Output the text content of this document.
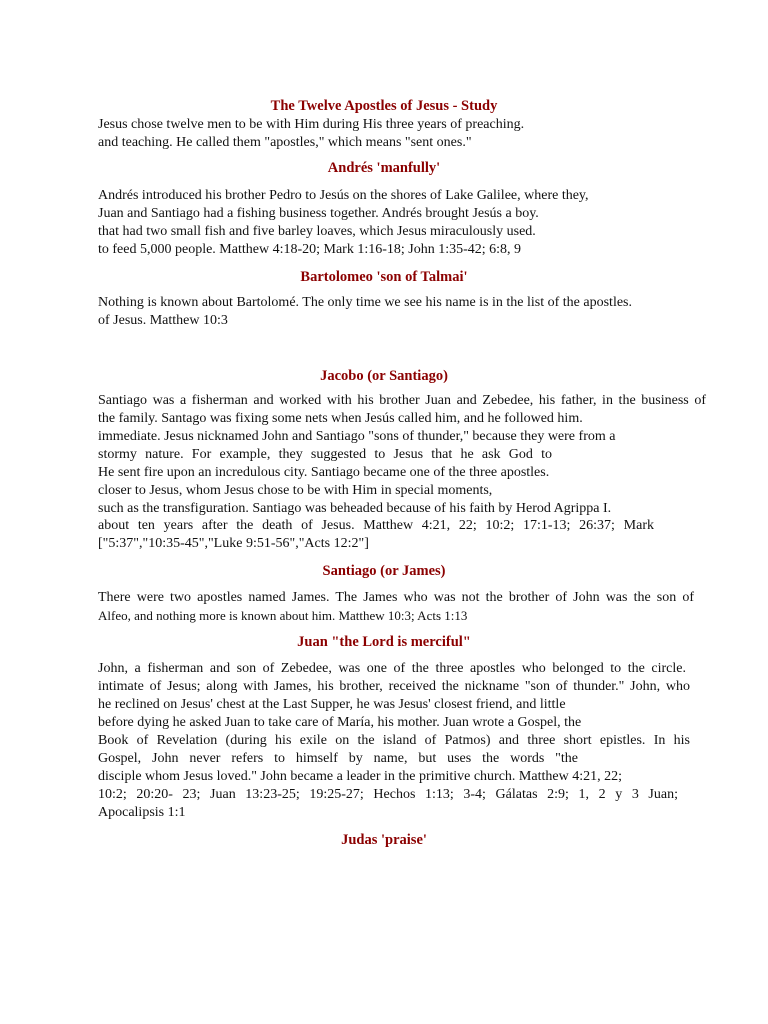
The Twelve Apostles of Jesus - Study
Jesus chose twelve men to be with Him during His three years of preaching.
and teaching. He called them "apostles," which means "sent ones."
Andrés 'manfully'
Andrés introduced his brother Pedro to Jesús on the shores of Lake Galilee, where they,
Juan and Santiago had a fishing business together. Andrés brought Jesús a boy.
that had two small fish and five barley loaves, which Jesus miraculously used.
to feed 5,000 people. Matthew 4:18-20; Mark 1:16-18; John 1:35-42; 6:8, 9
Bartolomeo 'son of Talmai'
Nothing is known about Bartolomé. The only time we see his name is in the list of the apostles.
of Jesus. Matthew 10:3
Jacobo (or Santiago)
Santiago was a fisherman and worked with his brother Juan and Zebedee, his father, in the business of
the family. Santago was fixing some nets when Jesús called him, and he followed him.
immediate. Jesus nicknamed John and Santiago "sons of thunder," because they were from a
stormy nature. For example, they suggested to Jesus that he ask God to
He sent fire upon an incredulous city. Santiago became one of the three apostles.
closer to Jesus, whom Jesus chose to be with Him in special moments,
such as the transfiguration. Santiago was beheaded because of his faith by Herod Agrippa I.
about ten years after the death of Jesus. Matthew 4:21, 22; 10:2; 17:1-13; 26:37; Mark
["5:37","10:35-45","Luke 9:51-56","Acts 12:2"]
Santiago (or James)
There were two apostles named James. The James who was not the brother of John was the son of
Alfeo, and nothing more is known about him. Matthew 10:3; Acts 1:13
Juan "the Lord is merciful"
John, a fisherman and son of Zebedee, was one of the three apostles who belonged to the circle.
intimate of Jesus; along with James, his brother, received the nickname "son of thunder." John, who
he reclined on Jesus' chest at the Last Supper, he was Jesus' closest friend, and little
before dying he asked Juan to take care of María, his mother. Juan wrote a Gospel, the
Book of Revelation (during his exile on the island of Patmos) and three short epistles. In his
Gospel, John never refers to himself by name, but uses the words "the
disciple whom Jesus loved." John became a leader in the primitive church. Matthew 4:21, 22;
10:2; 20:20- 23; Juan 13:23-25; 19:25-27; Hechos 1:13; 3-4; Gálatas 2:9; 1, 2 y 3 Juan;
Apocalipsis 1:1
Judas 'praise'
